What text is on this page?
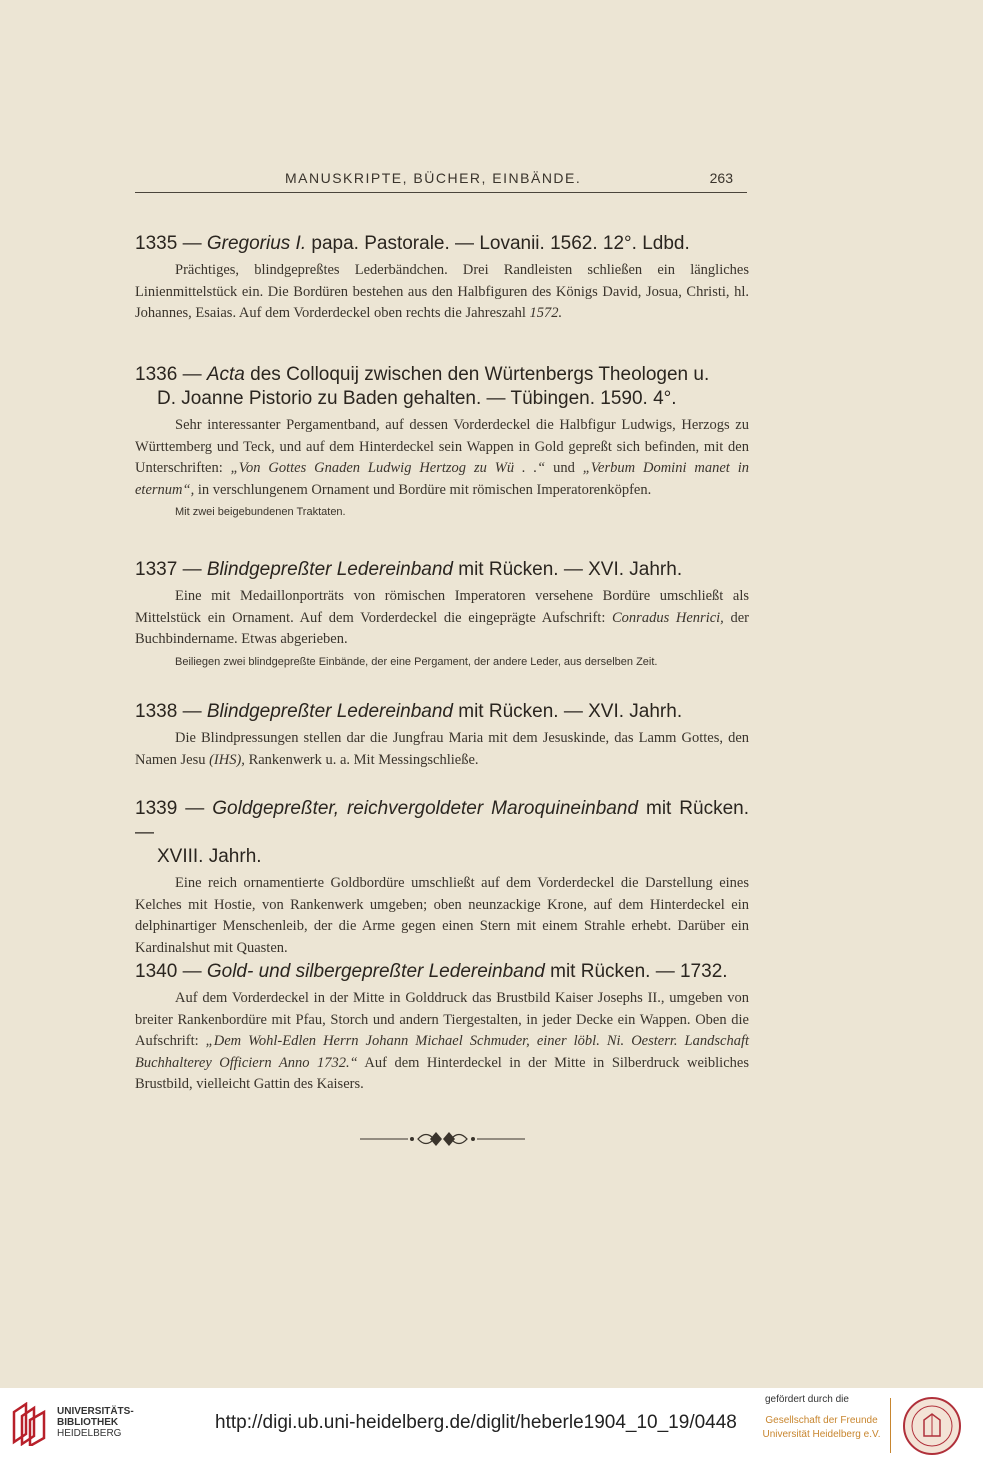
MANUSKRIPTE, BÜCHER, EINBÄNDE.	263
1335 — Gregorius I. papa. Pastorale. — Lovanii. 1562. 12°. Ldbd.
Prächtiges, blindgepreßtes Lederbändchen. Drei Randleisten schließen ein längliches Linienmittelstück ein. Die Bordüren bestehen aus den Halbfiguren des Königs David, Josua, Christi, hl. Johannes, Esaias. Auf dem Vorderdeckel oben rechts die Jahreszahl 1572.
1336 — Acta des Colloquij zwischen den Würtenbergs Theologen u.
D. Joanne Pistorio zu Baden gehalten. — Tübingen. 1590. 4°.
Sehr interessanter Pergamentband, auf dessen Vorderdeckel die Halbfigur Ludwigs, Herzogs zu Württemberg und Teck, und auf dem Hinterdeckel sein Wappen in Gold gepreßt sich befinden, mit den Unterschriften: „Von Gottes Gnaden Ludwig Hertzog zu Wü . .“ und „Verbum Domini manet in eternum“, in verschlungenem Ornament und Bordüre mit römischen Imperatorenköpfen.
Mit zwei beigebundenen Traktaten.
1337 — Blindgepreßter Ledereinband mit Rücken. — XVI. Jahrh.
Eine mit Medaillonporträts von römischen Imperatoren versehene Bordüre umschließt als Mittelstück ein Ornament. Auf dem Vorderdeckel die eingeprägte Aufschrift: Conradus Henrici, der Buchbindername. Etwas abgerieben.
Beiliegen zwei blindgepreßte Einbände, der eine Pergament, der andere Leder, aus derselben Zeit.
1338 — Blindgepreßter Ledereinband mit Rücken. — XVI. Jahrh.
Die Blindpressungen stellen dar die Jungfrau Maria mit dem Jesuskinde, das Lamm Gottes, den Namen Jesu (IHS), Rankenwerk u. a. Mit Messingschließe.
1339 — Goldgepreßter, reichvergoldeter Maroquineinband mit Rücken. —
XVIII. Jahrh.
Eine reich ornamentierte Goldbordüre umschließt auf dem Vorderdeckel die Darstellung eines Kelches mit Hostie, von Rankenwerk umgeben; oben neunzackige Krone, auf dem Hinterdeckel ein delphinartiger Menschenleib, der die Arme gegen einen Stern mit einem Strahle erhebt. Darüber ein Kardinalshut mit Quasten.
1340 — Gold- und silbergepreßter Ledereinband mit Rücken. — 1732.
Auf dem Vorderdeckel in der Mitte in Golddruck das Brustbild Kaiser Josephs II., umgeben von breiter Rankenbordüre mit Pfau, Storch und andern Tiergestalten, in jeder Decke ein Wappen. Oben die Aufschrift: „Dem Wohl-Edlen Herrn Johann Michael Schmuder, einer löbl. Ni. Oesterr. Landschaft Buchhalterey Officiern Anno 1732.“ Auf dem Hinterdeckel in der Mitte in Silberdruck weibliches Brustbild, vielleicht Gattin des Kaisers.
UNIVERSITÄTS-
BIBLIOTHEK
HEIDELBERG
http://digi.ub.uni-heidelberg.de/diglit/heberle1904_10_19/0448
gefördert durch die
Gesellschaft der Freunde
Universität Heidelberg e.V.
